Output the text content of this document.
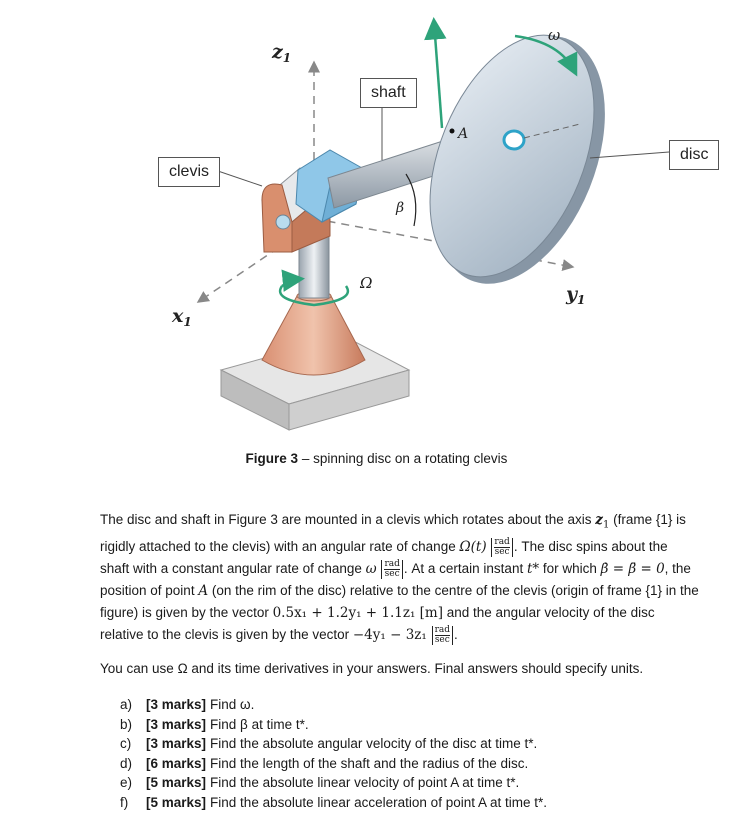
$z_1$
$y_1$
$x_1$
ω
Ω
β
A
shaft
clevis
disc
Figure 3 – spinning disc on a rotating clevis
The disc and shaft in Figure 3 are mounted in a clevis which rotates about the axis $z_1$ (frame {1} is rigidly attached to the clevis) with an angular rate of change $\Omega(t) \frac{\text{rad}}{\sec}$ . The disc spins about the shaft with a constant angular rate of change ω $\frac{\text{rad}}{\sec}$ . At a certain instant t* for which β̇ = β̈ = 0, the position of point A (on the rim of the disc) relative to the centre of the clevis (origin of frame {1} in the figure) is given by the vector 0.5x₁ + 1.2y₁ + 1.1z₁ [m] and the angular velocity of the disc relative to the clevis is given by the vector $-4y_1 - 3z_1 \frac{\text{rad}}{\sec}$ .
You can use Ω and its time derivatives in your answers. Final answers should specify units.
a)	[3 marks] Find ω.
b)	[3 marks] Find β at time t*.
c)	[3 marks] Find the absolute angular velocity of the disc at time t*.
d)	[6 marks] Find the length of the shaft and the radius of the disc.
e)	[5 marks] Find the absolute linear velocity of point A at time t*.
f)	[5 marks] Find the absolute linear acceleration of point A at time t*.
